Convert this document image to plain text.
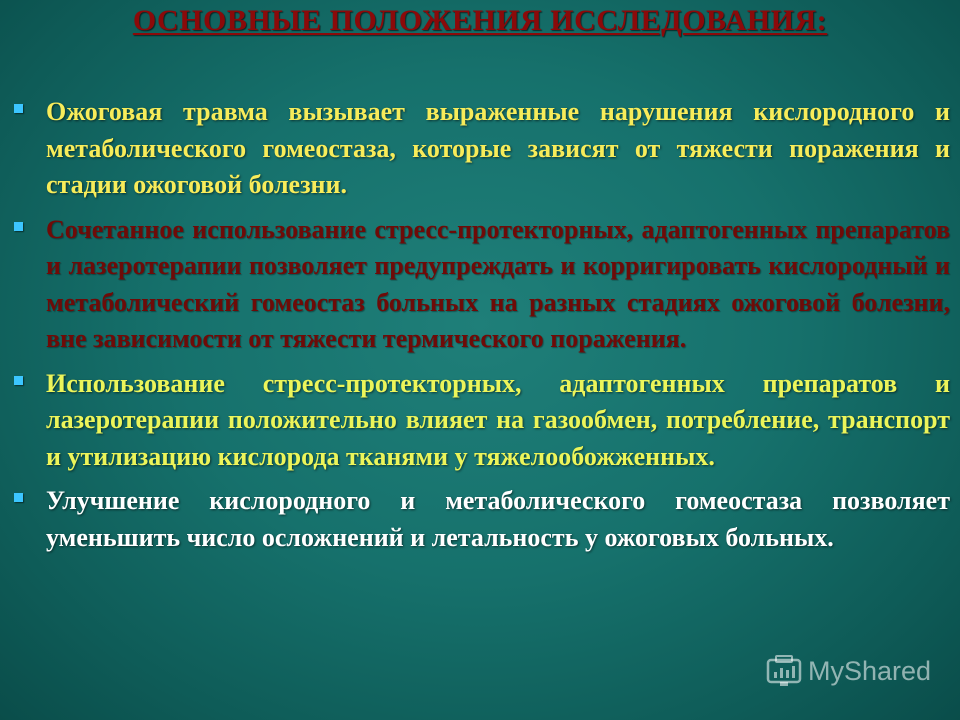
ОСНОВНЫЕ ПОЛОЖЕНИЯ ИССЛЕДОВАНИЯ:
Ожоговая травма вызывает выраженные нарушения кислородного и метаболического гомеостаза, которые зависят от тяжести поражения и стадии ожоговой болезни.
Сочетанное использование стресс-протекторных, адаптогенных препаратов и лазеротерапии позволяет предупреждать и корригировать кислородный и метаболический гомеостаз больных на разных стадиях ожоговой болезни, вне зависимости от тяжести термического поражения.
Использование стресс-протекторных, адаптогенных препаратов и лазеротерапии положительно влияет на газообмен, потребление, транспорт и утилизацию кислорода тканями у тяжелообожженных.
Улучшение кислородного и метаболического гомеостаза позволяет уменьшить число осложнений и летальность у ожоговых больных.
MyShared
